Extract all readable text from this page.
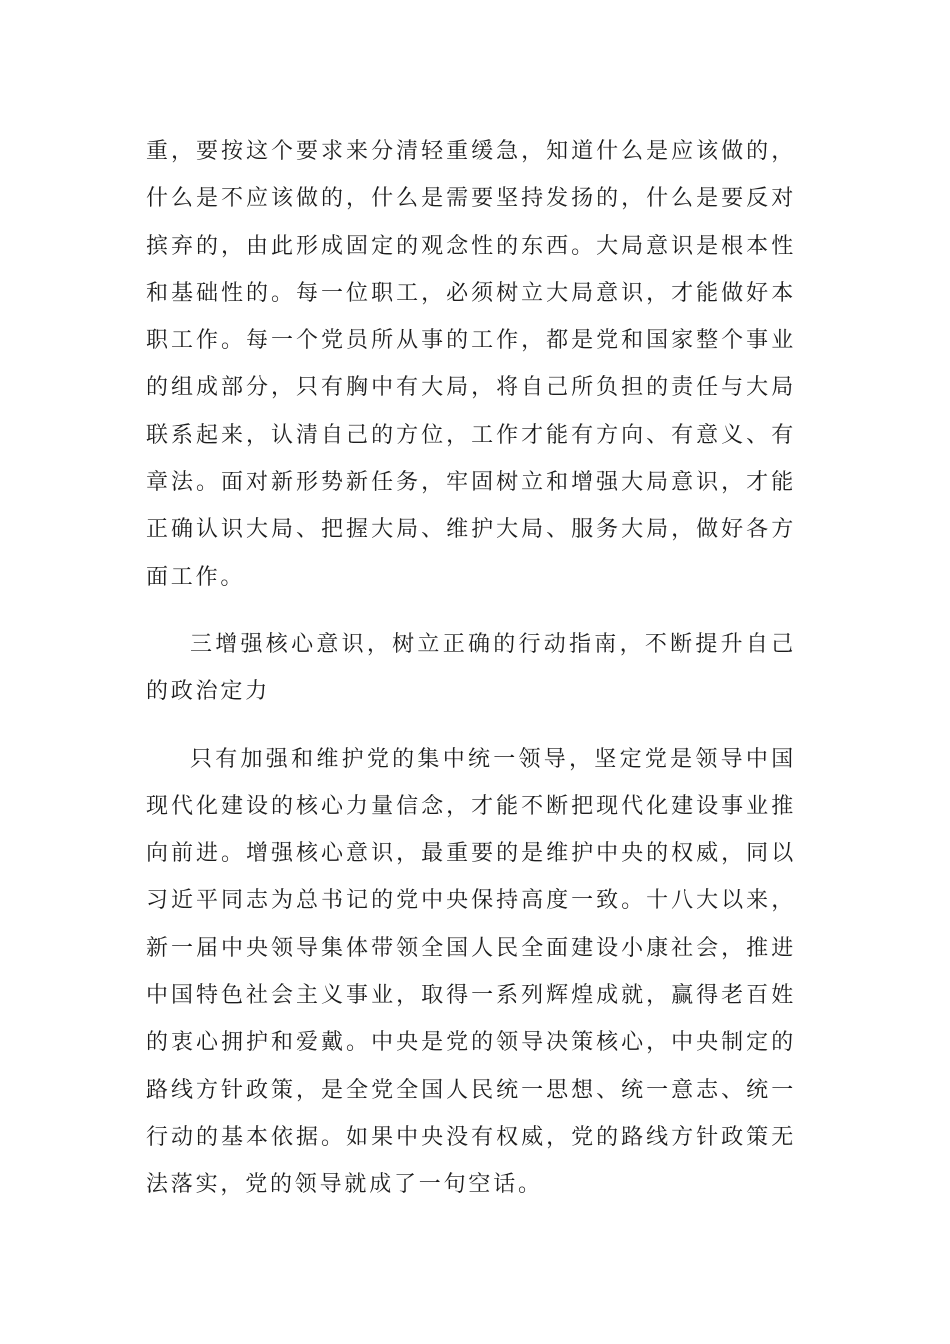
重，要按这个要求来分清轻重缓急，知道什么是应该做的，什么是不应该做的，什么是需要坚持发扬的，什么是要反对摈弃的，由此形成固定的观念性的东西。大局意识是根本性和基础性的。每一位职工，必须树立大局意识，才能做好本职工作。每一个党员所从事的工作，都是党和国家整个事业的组成部分，只有胸中有大局，将自己所负担的责任与大局联系起来，认清自己的方位，工作才能有方向、有意义、有章法。面对新形势新任务，牢固树立和增强大局意识，才能正确认识大局、把握大局、维护大局、服务大局，做好各方面工作。

三增强核心意识，树立正确的行动指南，不断提升自己的政治定力

只有加强和维护党的集中统一领导，坚定党是领导中国现代化建设的核心力量信念，才能不断把现代化建设事业推向前进。增强核心意识，最重要的是维护中央的权威，同以习近平同志为总书记的党中央保持高度一致。十八大以来，新一届中央领导集体带领全国人民全面建设小康社会，推进中国特色社会主义事业，取得一系列辉煌成就，赢得老百姓的衷心拥护和爱戴。中央是党的领导决策核心，中央制定的路线方针政策，是全党全国人民统一思想、统一意志、统一行动的基本依据。如果中央没有权威，党的路线方针政策无法落实，党的领导就成了一句空话。
